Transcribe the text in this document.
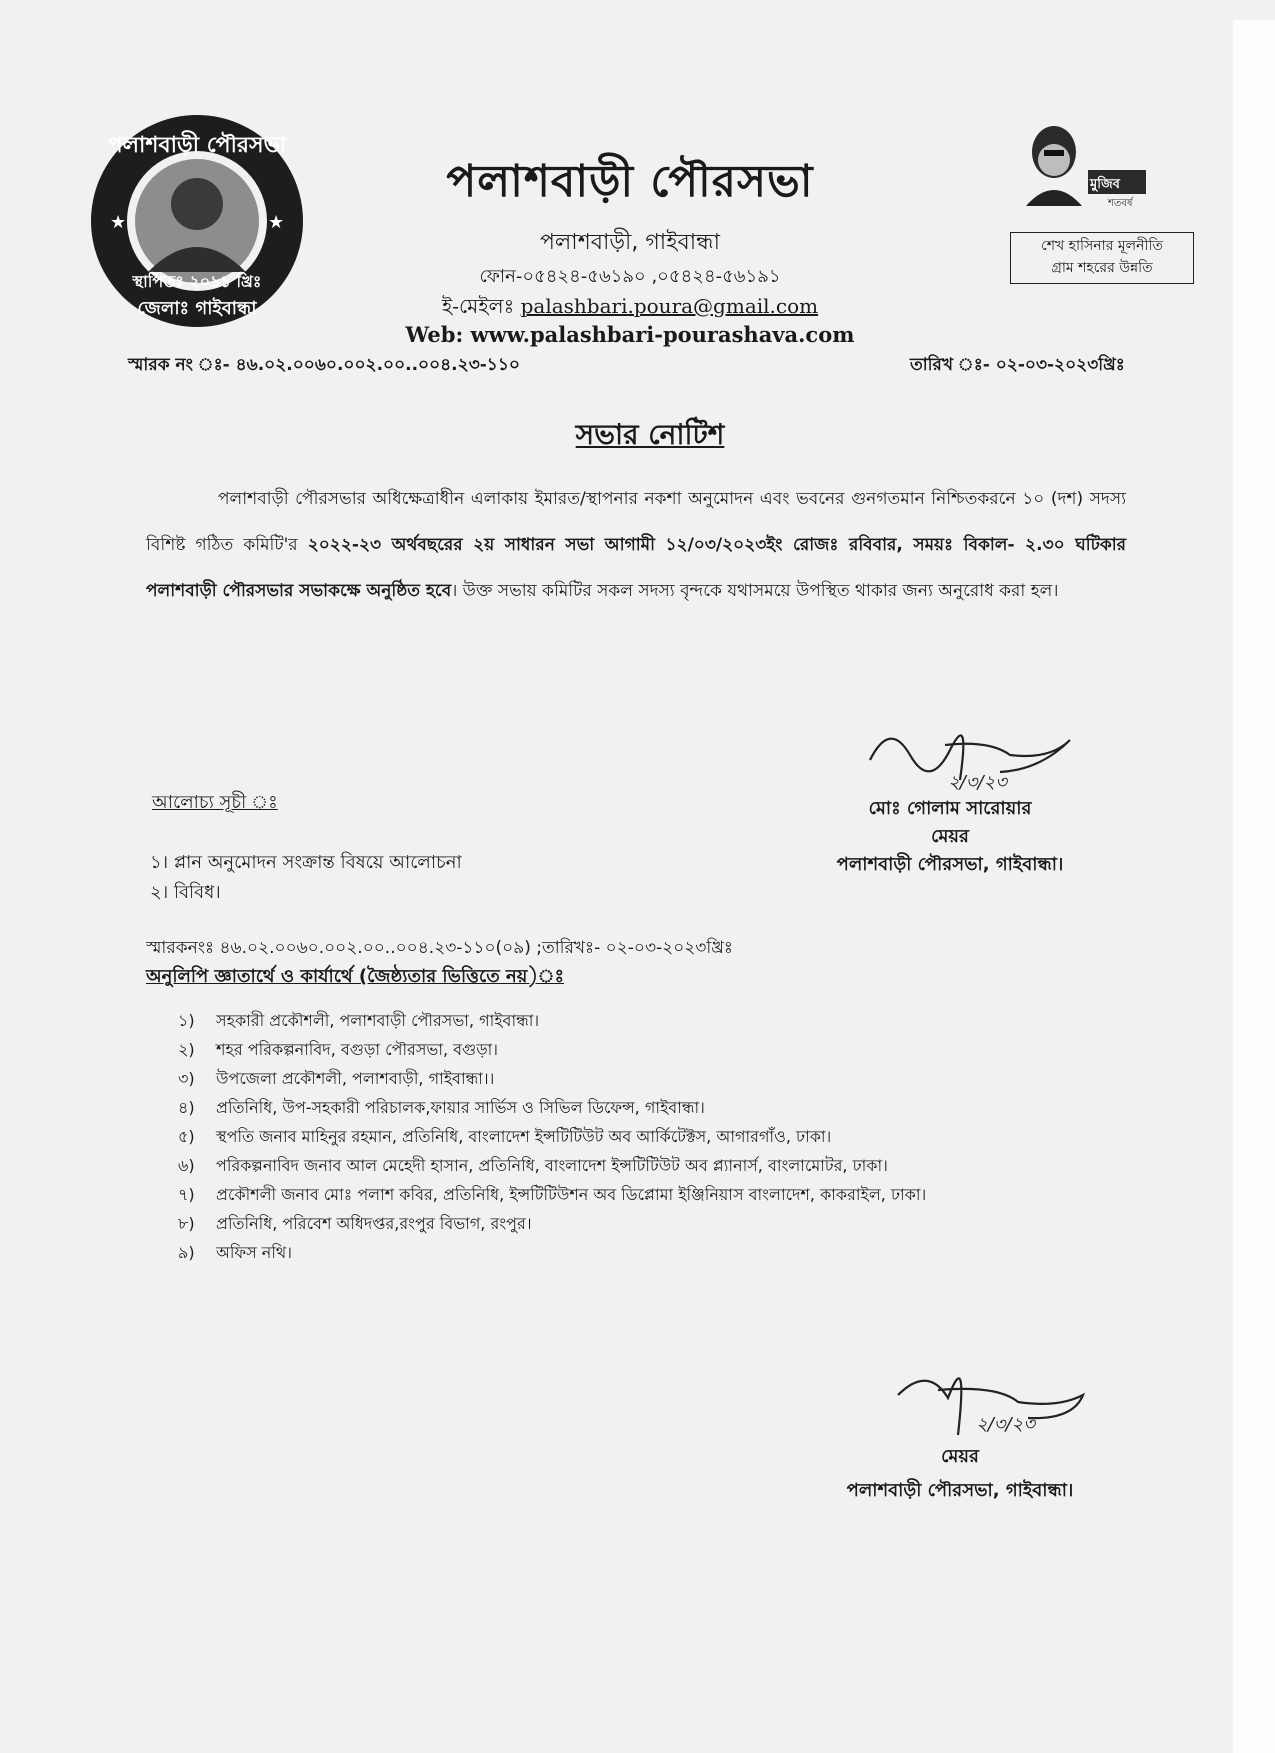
পলাশবাড়ী পৌরসভা
স্থাপিতঃ ২০১১ খ্রিঃ
জেলাঃ গাইবান্ধা
★	★
পলাশবাড়ী পৌরসভা
পলাশবাড়ী, গাইবান্ধা
ফোন-০৫৪২৪-৫৬১৯০ ,০৫৪২৪-৫৬১৯১
ই-মেইলঃ palashbari.poura@gmail.com
Web: www.palashbari-pourashava.com
মুজিব
শতবর্ষ
শেখ হাসিনার মূলনীতি
গ্রাম শহরের উন্নতি
স্মারক নং ঃ- ৪৬.০২.০০৬০.০০২.০০..০০৪.২৩-১১০	তারিখ ঃ- ০২-০৩-২০২৩খ্রিঃ
সভার নোটিশ
পলাশবাড়ী পৌরসভার অধিক্ষেত্রাধীন এলাকায় ইমারত/স্থাপনার নকশা অনুমোদন এবং ভবনের গুনগতমান নিশ্চিতকরনে ১০ (দশ) সদস্য বিশিষ্ট গঠিত কমিটি'র ২০২২-২৩ অর্থবছরের ২য় সাধারন সভা আগামী ১২/০৩/২০২৩ইং রোজঃ রবিবার, সময়ঃ বিকাল- ২.৩০ ঘটিকার পলাশবাড়ী পৌরসভার সভাকক্ষে অনুষ্ঠিত হবে। উক্ত সভায় কমিটির সকল সদস্য বৃন্দকে যথাসময়ে উপস্থিত থাকার জন্য অনুরোধ করা হল।
২/৩/২৩
মোঃ গোলাম সারোয়ার
মেয়র
পলাশবাড়ী পৌরসভা, গাইবান্ধা।
আলোচ্য সূচী ঃ
১। প্লান অনুমোদন সংক্রান্ত বিষয়ে আলোচনা
২। বিবিধ।
স্মারকনংঃ ৪৬.০২.০০৬০.০০২.০০..০০৪.২৩-১১০(০৯) ;তারিখঃ- ০২-০৩-২০২৩খ্রিঃ
অনুলিপি জ্ঞাতার্থে ও কার্যার্থে (জৈষ্ঠ্যতার ভিত্তিতে নয়)ঃ
১) সহকারী প্রকৌশলী, পলাশবাড়ী পৌরসভা, গাইবান্ধা।
২) শহর পরিকল্পনাবিদ, বগুড়া পৌরসভা, বগুড়া।
৩) উপজেলা প্রকৌশলী, পলাশবাড়ী, গাইবান্ধা।।
৪) প্রতিনিধি, উপ-সহকারী পরিচালক,ফায়ার সার্ভিস ও সিভিল ডিফেন্স, গাইবান্ধা।
৫) স্থপতি জনাব মাহিনুর রহমান, প্রতিনিধি, বাংলাদেশ ইন্সটিটিউট অব আর্কিটেক্টস, আগারগাঁও, ঢাকা।
৬) পরিকল্পনাবিদ জনাব আল মেহেদী হাসান, প্রতিনিধি, বাংলাদেশ ইন্সটিটিউট অব প্ল্যানার্স, বাংলামোটর, ঢাকা।
৭) প্রকৌশলী জনাব মোঃ পলাশ কবির, প্রতিনিধি, ইন্সটিটিউশন অব ডিপ্লোমা ইঞ্জিনিয়াস বাংলাদেশ, কাকরাইল, ঢাকা।
৮) প্রতিনিধি, পরিবেশ অধিদপ্তর,রংপুর বিভাগ, রংপুর।
৯) অফিস নথি।
২/৩/২৩
মেয়র
পলাশবাড়ী পৌরসভা, গাইবান্ধা।
